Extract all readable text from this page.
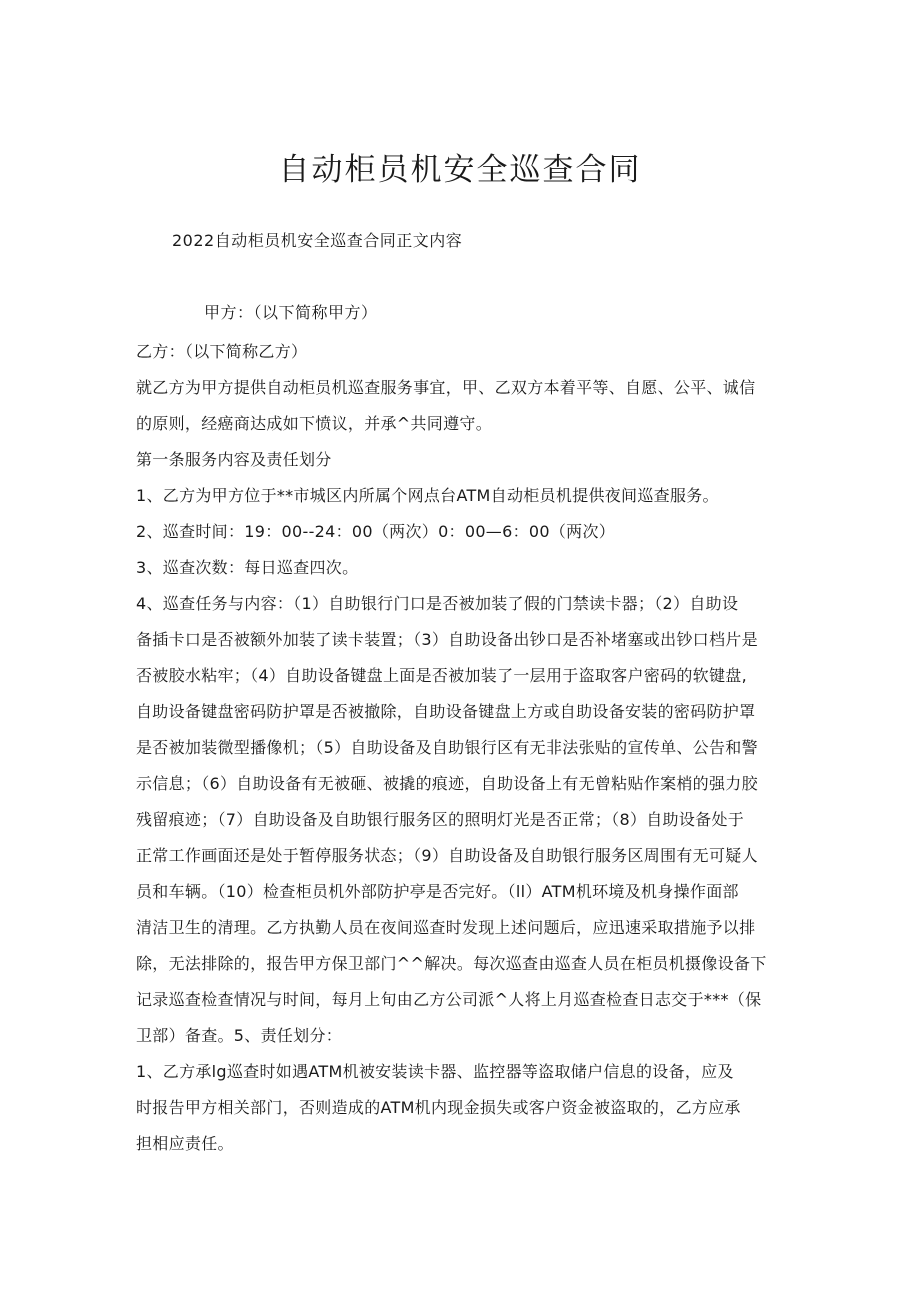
自动柜员机安全巡查合同
2022自动柜员机安全巡查合同正文内容
甲方：（以下简称甲方）

乙方：（以下简称乙方）

就乙方为甲方提供自动柜员机巡查服务事宜，甲、乙双方本着平等、自愿、公平、诚信

的原则，经癌商达成如下愤议，并承^共同遵守。

第一条服务内容及责任划分

1、乙方为甲方位于**市城区内所属个网点台ATM自动柜员机提供夜间巡查服务。

2、巡查时间：19：00--24：00（两次）0：00—6：00（两次）

3、巡查次数：每日巡查四次。

4、巡查任务与内容：（1）自助银行门口是否被加装了假的门禁读卡器；（2）自助设

备插卡口是否被额外加装了读卡装置；（3）自助设备出钞口是否补堵塞或出钞口档片是

否被胶水粘牢；（4）自助设备键盘上面是否被加装了一层用于盗取客户密码的软键盘,

自助设备键盘密码防护罩是否被撤除，自助设备键盘上方或自助设备安装的密码防护罩

是否被加装微型播像机；（5）自助设备及自助银行区有无非法张贴的宣传单、公告和警

示信息；（6）自助设备有无被砸、被撬的痕迹，自助设备上有无曾粘贴作案梢的强力胶

残留痕迹；（7）自助设备及自助银行服务区的照明灯光是否正常；（8）自助设备处于

正常工作画面还是处于暂停服务状态；（9）自助设备及自助银行服务区周围有无可疑人

员和车辆。（10）检查柜员机外部防护亭是否完好。（ll）ATM机环境及机身操作面部

清洁卫生的清理。乙方执勤人员在夜间巡查时发现上述问题后，应迅速采取措施予以排

除，无法排除的，报告甲方保卫部门^^解决。每次巡查由巡查人员在柜员机摄像设备下

记录巡查检查情况与时间，每月上旬由乙方公司派^人将上月巡查检查日志交于***（保

卫部）备查。5、责任划分：

1、乙方承lg巡查时如遇ATM机被安装读卡器、监控器等盗取储户信息的设备，应及

时报告甲方相关部门，否则造成的ATM机内现金损失或客户资金被盗取的，乙方应承

担相应责任。
